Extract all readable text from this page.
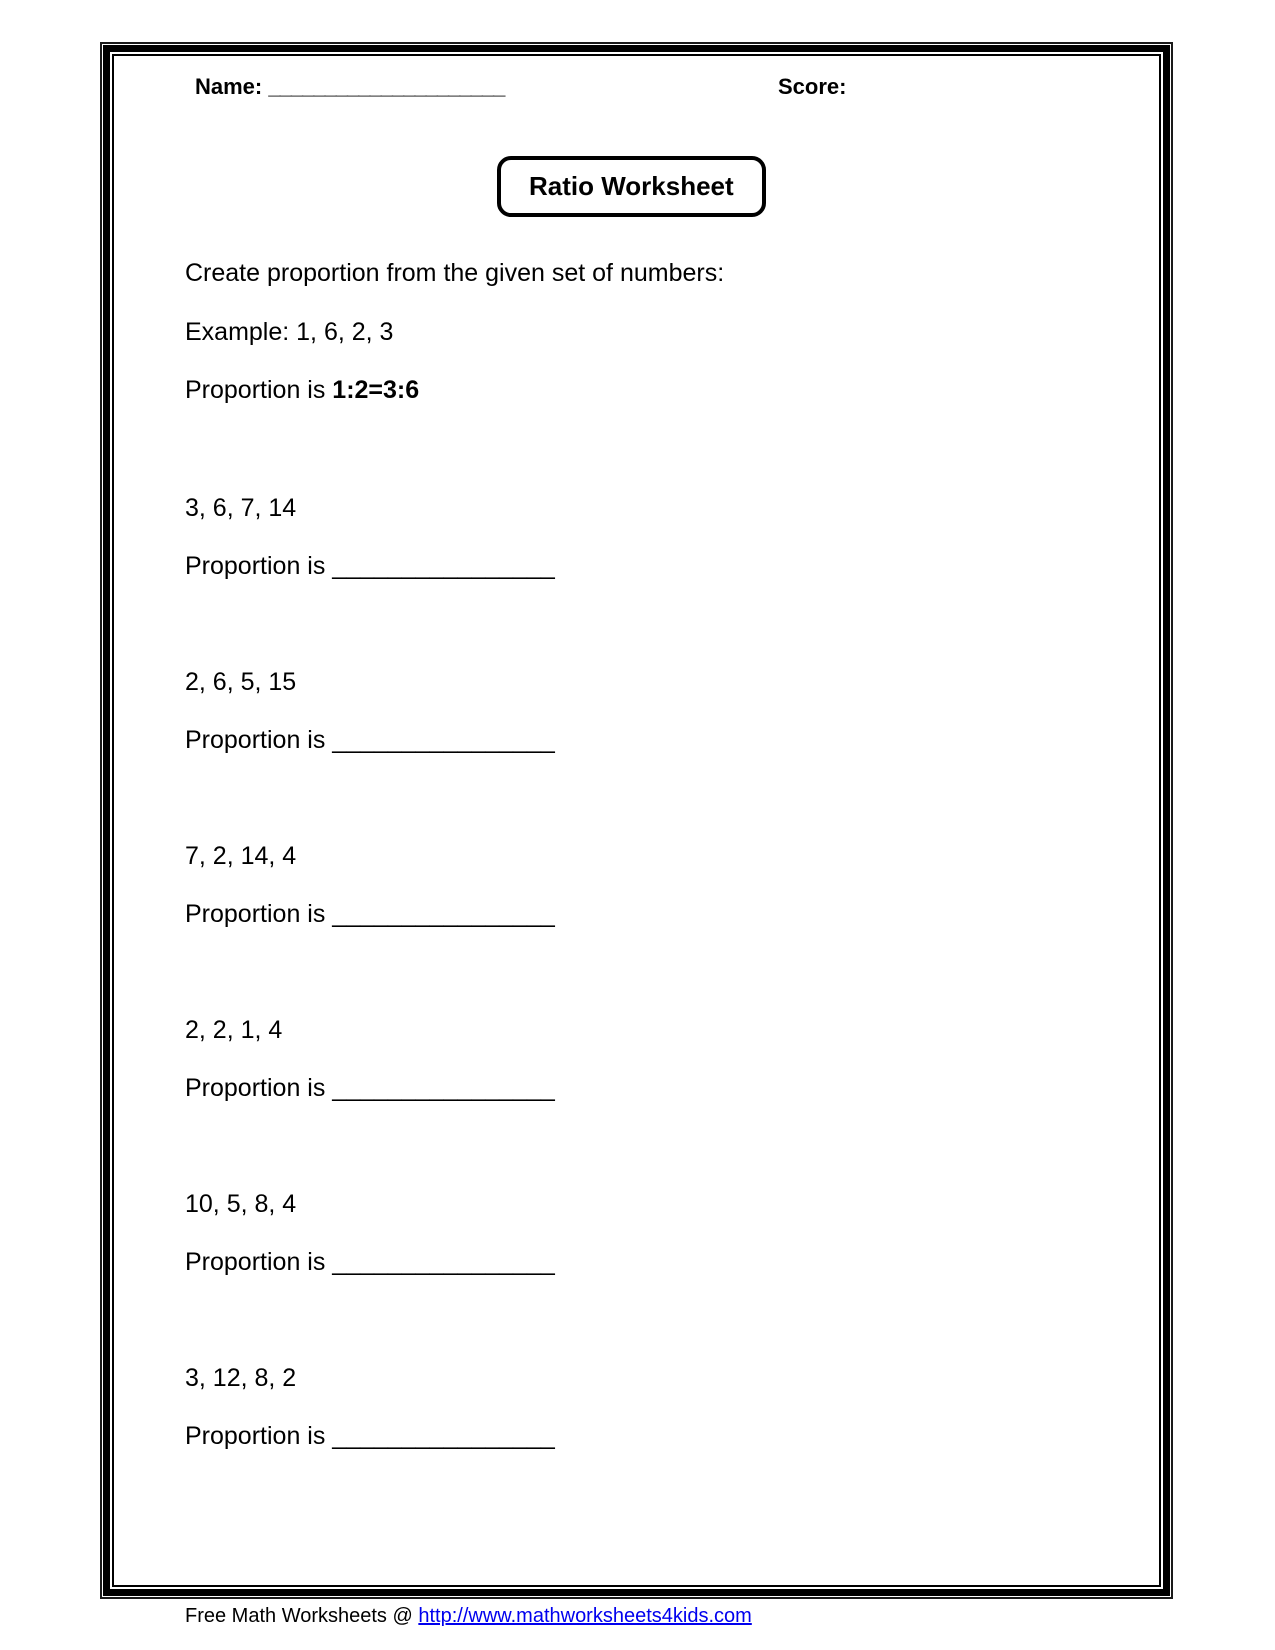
Name: _____________________	Score:
Ratio Worksheet
Create proportion from the given set of numbers:
Example: 1, 6, 2, 3
Proportion is 1:2=3:6
3, 6, 7, 14
Proportion is ________________
2, 6, 5, 15
Proportion is ________________
7, 2, 14, 4
Proportion is ________________
2, 2, 1, 4
Proportion is ________________
10, 5, 8, 4
Proportion is ________________
3, 12, 8, 2
Proportion is ________________
Free Math Worksheets @ http://www.mathworksheets4kids.com
